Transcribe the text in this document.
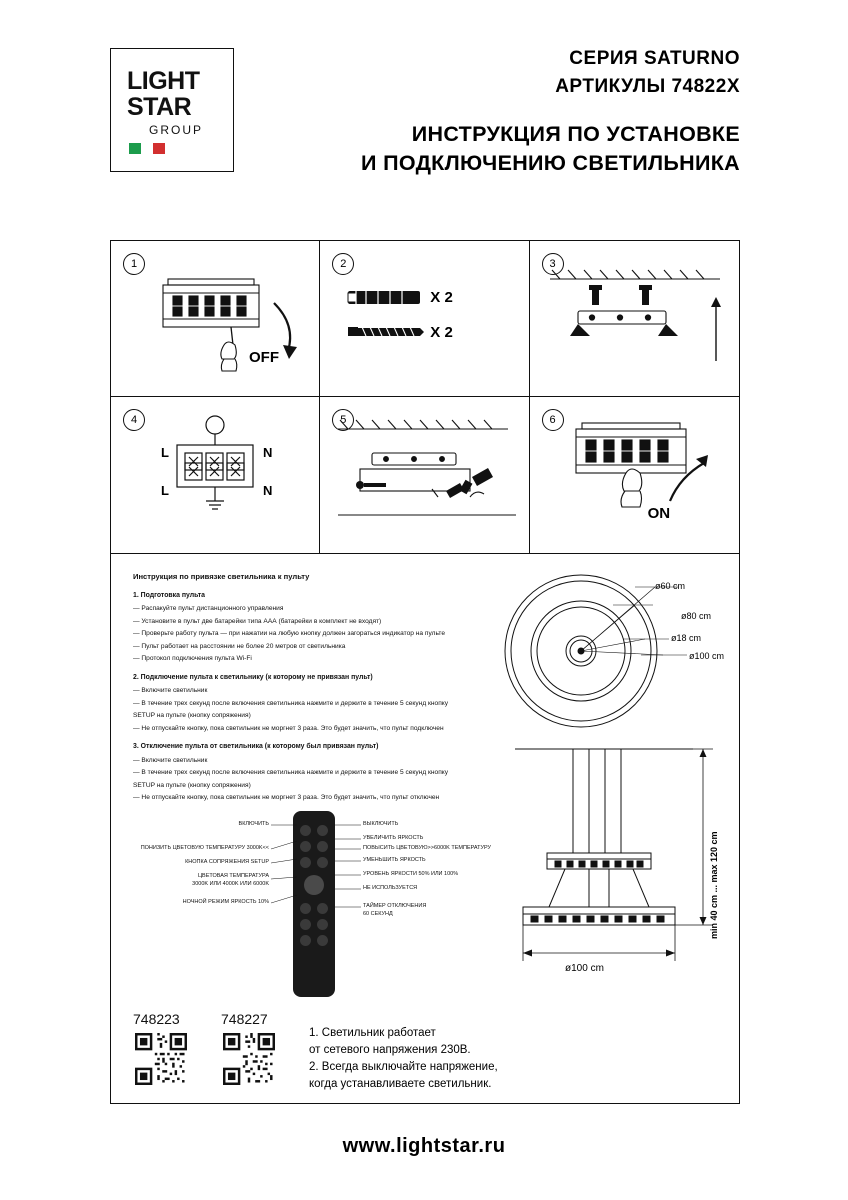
LIGHT
STAR
GROUP
СЕРИЯ SATURNO
АРТИКУЛЫ 74822X
ИНСТРУКЦИЯ ПО УСТАНОВКЕ
И ПОДКЛЮЧЕНИЮ СВЕТИЛЬНИКА
1
OFF
2
X 2
X 2
3
4
L	N
L	N
5	6
ON
Инструкция по привязке светильника к пульту
1. Подготовка пульта

— Распакуйте пульт дистанционного управления

— Установите в пульт две батарейки типа ААА (батарейки в комплект не входят)

— Проверьте работу пульта — при нажатии на любую кнопку должен загораться индикатор на пульте

— Пульт работает на расстоянии не более 20 метров от светильника

— Протокол подключения пульта Wi-Fi

2. Подключение пульта к светильнику (к которому не привязан пульт)

— Включите светильник

— В течение трех секунд после включения светильника нажмите и держите в течение 5 секунд кнопку

SETUP на пульте (кнопку сопряжения)

— Не отпускайте кнопку, пока светильник не моргнет 3 раза. Это будет значить, что пульт подключен

3. Отключение пульта от светильника (к которому был привязан пульт)

— Включите светильник

— В течение трех секунд после включения светильника нажмите и держите в течение 5 секунд кнопку

SETUP на пульте (кнопку сопряжения)

— Не отпускайте кнопку, пока светильник не моргнет 3 раза. Это будет значить, что пульт отключен

ВКЛЮЧИТЬ
ПОНИЗИТЬ ЦВЕТОВУЮ ТЕМПЕРАТУРУ 3000K<<
КНОПКА СОПРЯЖЕНИЯ SETUP
ЦВЕТОВАЯ ТЕМПЕРАТУРА
3000K ИЛИ 4000K ИЛИ 6000K
НОЧНОЙ РЕЖИМ ЯРКОСТЬ 10%
ВЫКЛЮЧИТЬ
УВЕЛИЧИТЬ ЯРКОСТЬ
ПОВЫСИТЬ ЦВЕТОВУЮ>>6000K ТЕМПЕРАТУРУ
УМЕНЬШИТЬ ЯРКОСТЬ
УРОВЕНЬ ЯРКОСТИ 50% ИЛИ 100%
НЕ ИСПОЛЬЗУЕТСЯ
ТАЙМЕР ОТКЛЮЧЕНИЯ
60 СЕКУНД
748223	748227
1. Светильник работает
от сетевого напряжения 230В.
2. Всегда выключайте напряжение,
когда устанавливаете светильник.
ø60 cm
ø80 cm
ø18 cm
ø100 cm
min 40 cm ... max 120 cm
ø100 cm
www.lightstar.ru
